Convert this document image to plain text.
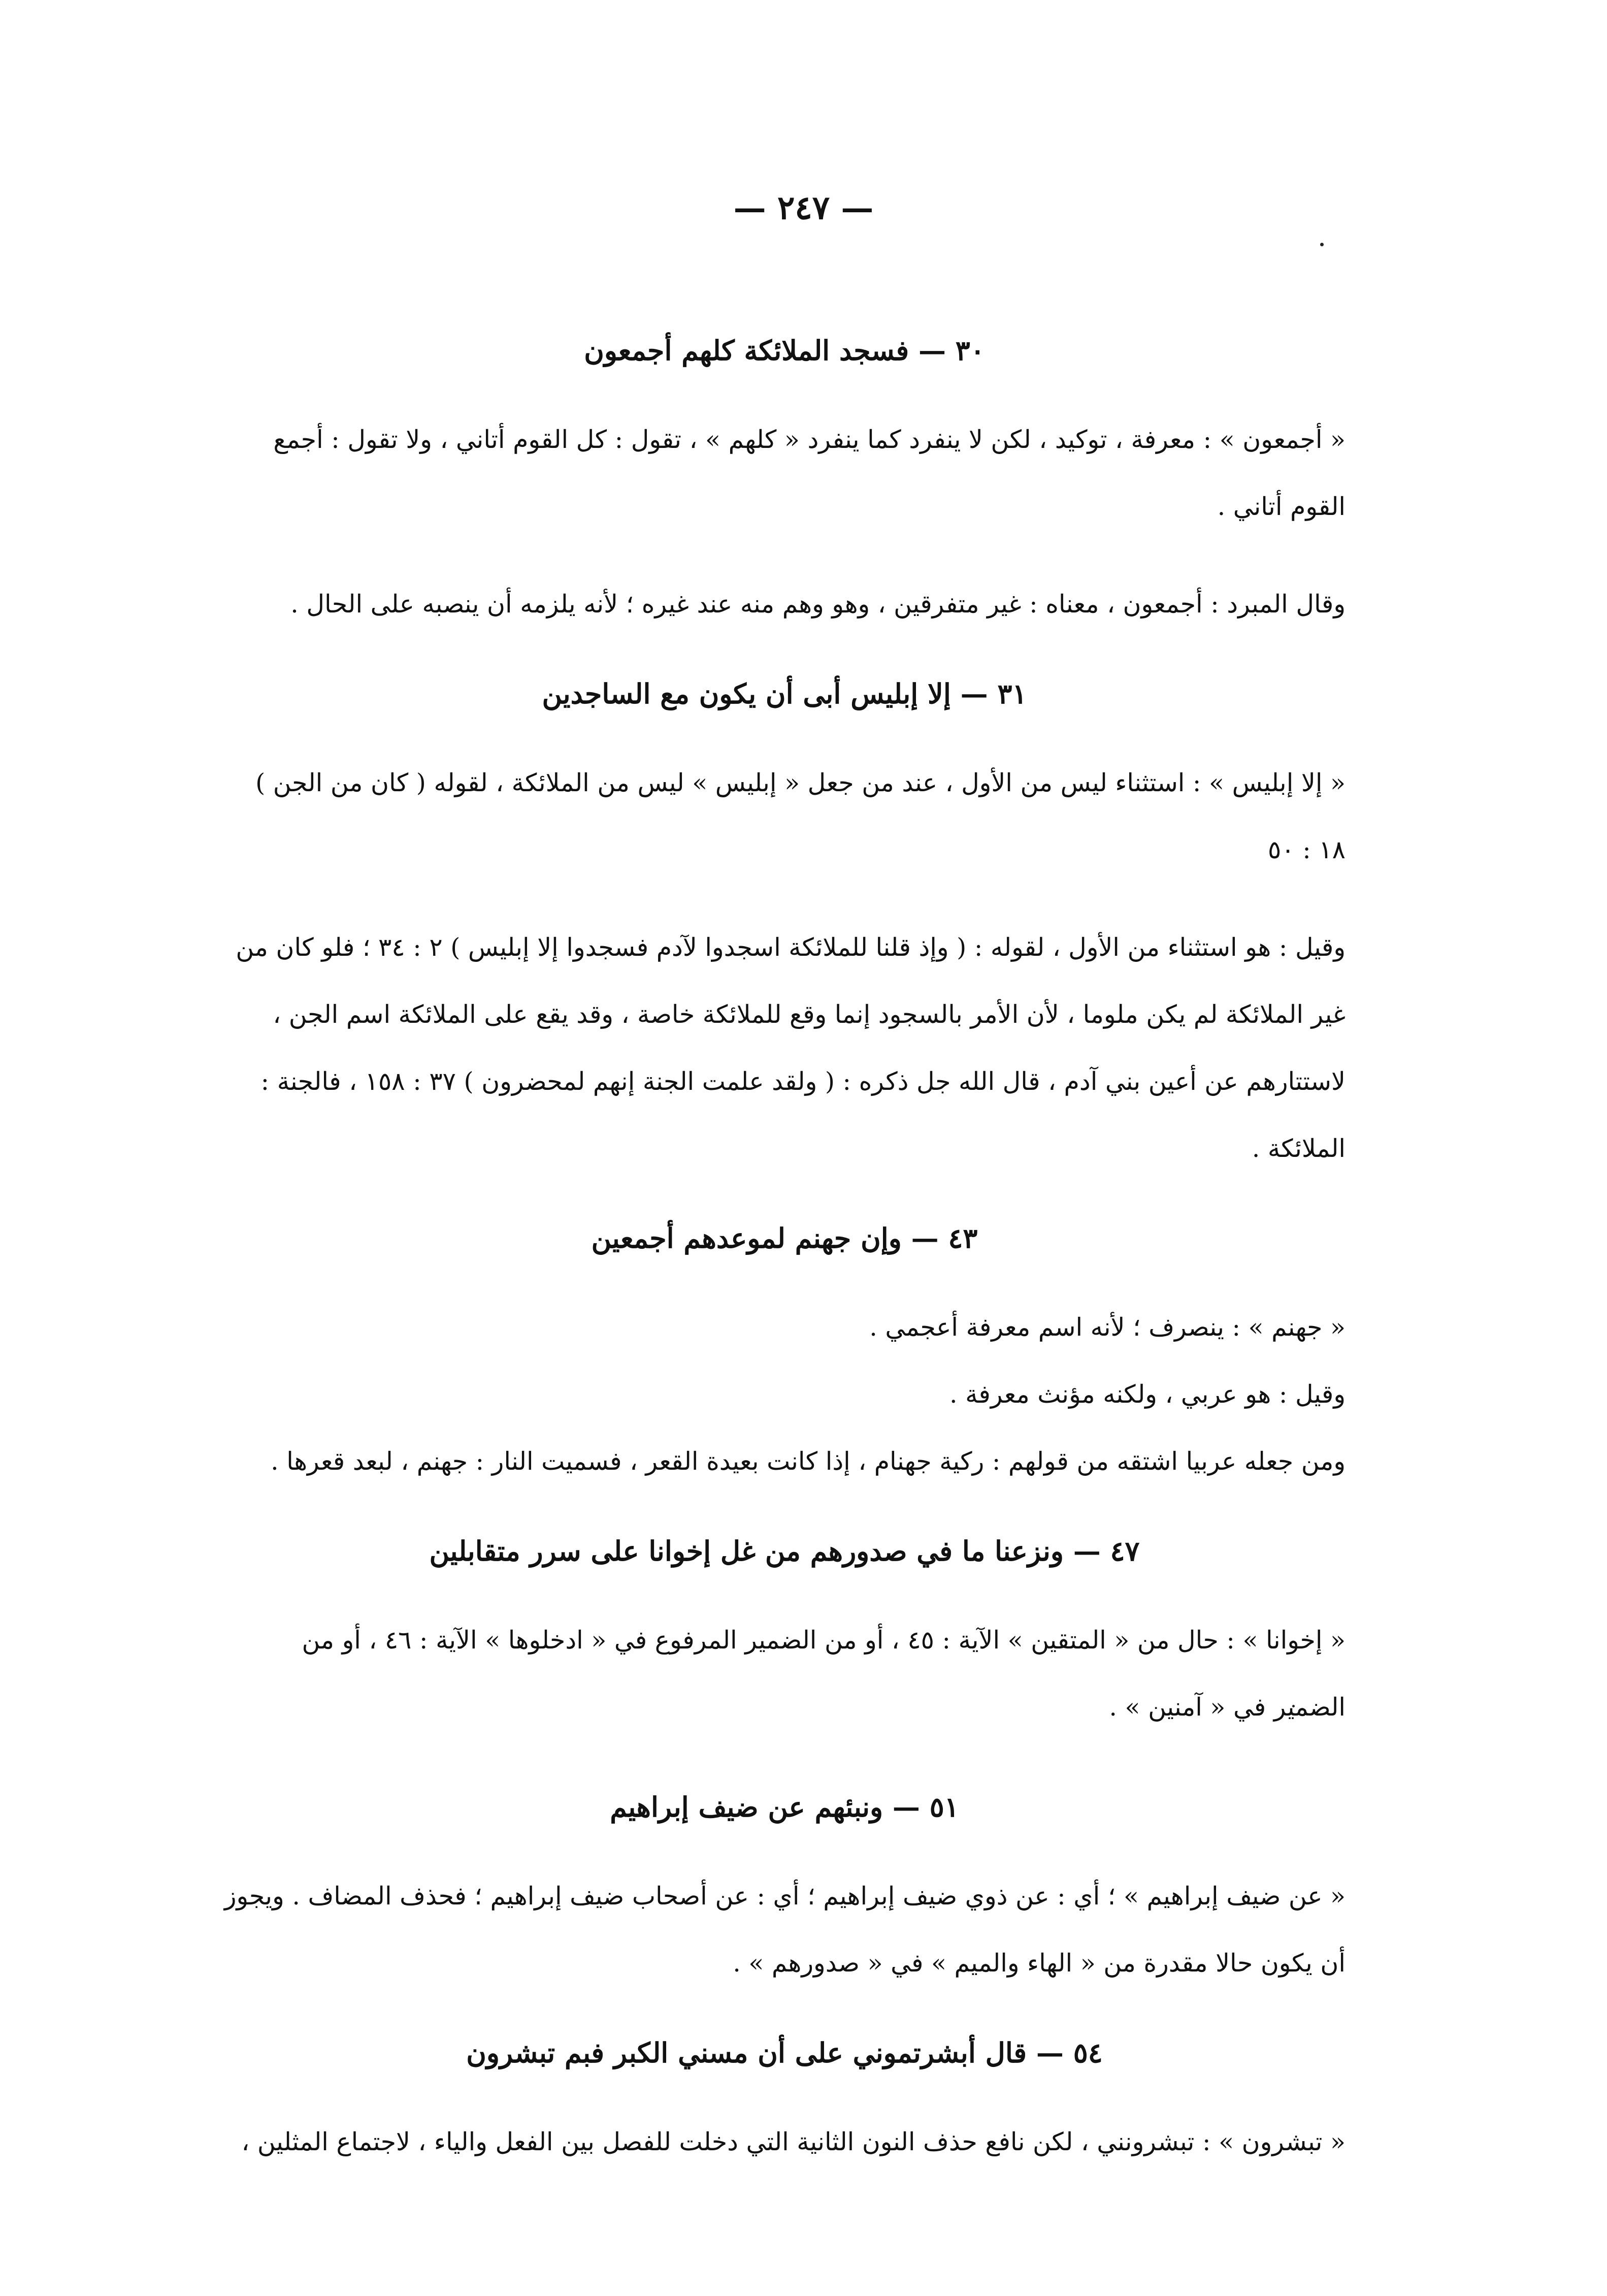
— ٢٤٧ —
٣٠ — فسجد الملائكة كلهم أجمعون
« أجمعون » : معرفة ، توكيد ، لكن لا ينفرد كما ينفرد « كلهم » ، تقول : كل القوم أتاني ، ولا تقول : أجمع القوم أتاني .
وقال المبرد : أجمعون ، معناه : غير متفرقين ، وهو وهم منه عند غيره ؛ لأنه يلزمه أن ينصبه على الحال .
٣١ — إلا إبليس أبى أن يكون مع الساجدين
« إلا إبليس » : استثناء ليس من الأول ، عند من جعل « إبليس » ليس من الملائكة ، لقوله ( كان من الجن ) ١٨ : ٥٠
وقيل : هو استثناء من الأول ، لقوله : ( وإذ قلنا للملائكة اسجدوا لآدم فسجدوا إلا إبليس ) ٢ : ٣٤ ؛ فلو كان من غير الملائكة لم يكن ملوما ، لأن الأمر بالسجود إنما وقع للملائكة خاصة ، وقد يقع على الملائكة اسم الجن ، لاستتارهم عن أعين بني آدم ، قال الله جل ذكره : ( ولقد علمت الجنة إنهم لمحضرون ) ٣٧ : ١٥٨ ، فالجنة : الملائكة .
٤٣ — وإن جهنم لموعدهم أجمعين
« جهنم » : ينصرف ؛ لأنه اسم معرفة أعجمي .
وقيل : هو عربي ، ولكنه مؤنث معرفة .
ومن جعله عربيا اشتقه من قولهم : ركية جهنام ، إذا كانت بعيدة القعر ، فسميت النار : جهنم ، لبعد قعرها .
٤٧ — ونزعنا ما في صدورهم من غل إخوانا على سرر متقابلين
« إخوانا » : حال من « المتقين » الآية : ٤٥ ، أو من الضمير المرفوع في « ادخلوها » الآية : ٤٦ ، أو من الضمير في « آمنين » .
٥١ — ونبئهم عن ضيف إبراهيم
« عن ضيف إبراهيم » ؛ أي : عن ذوي ضيف إبراهيم ؛ أي : عن أصحاب ضيف إبراهيم ؛ فحذف المضاف . ويجوز أن يكون حالا مقدرة من « الهاء والميم » في « صدورهم » .
٥٤ — قال أبشرتموني على أن مسني الكبر فبم تبشرون
« تبشرون » : تبشرونني ، لكن نافع حذف النون الثانية التي دخلت للفصل بين الفعل والياء ، لاجتماع المثلين ،
